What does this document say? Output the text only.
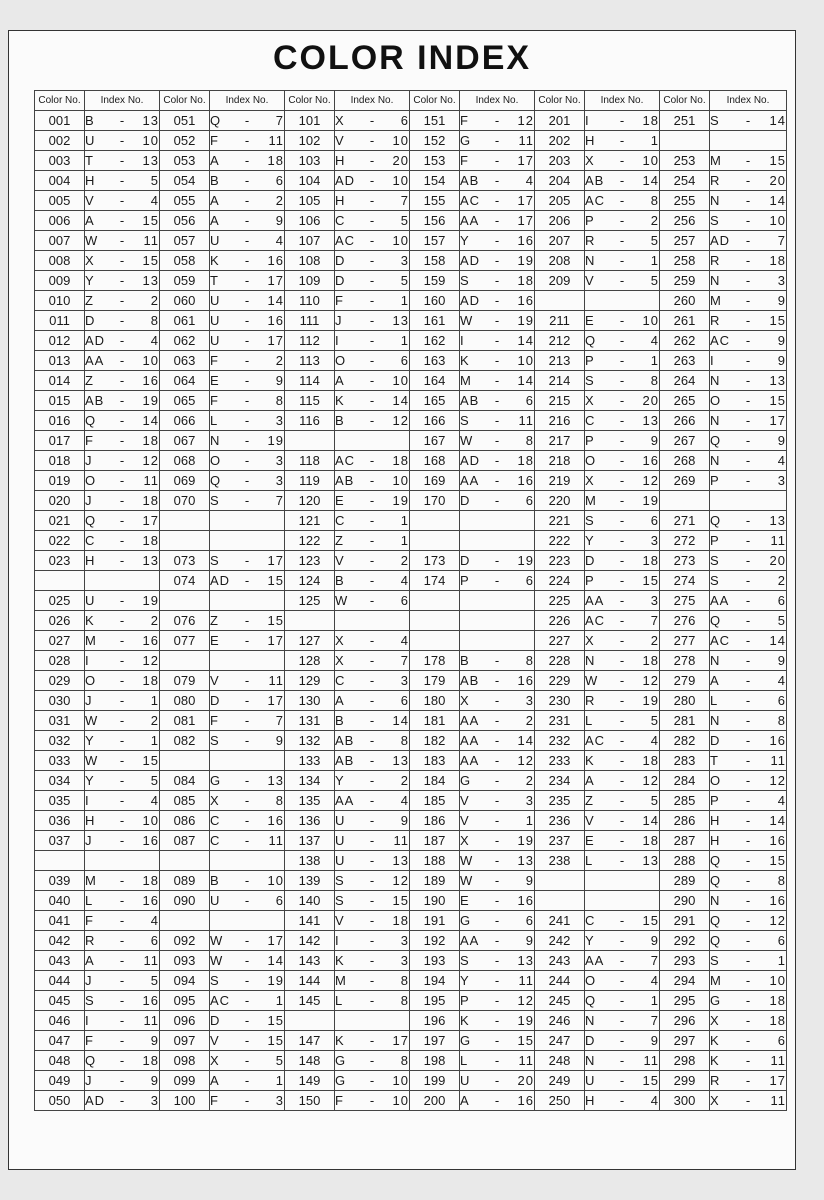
COLOR INDEX
Color No.	Index No.	Color No.	Index No.	Color No.	Index No.	Color No.	Index No.	Color No.	Index No.	Color No.	Index No.
001	B - 13	051	Q - 7	101	X - 6	151	F - 12	201	I - 18	251	S - 14

002	U - 10	052	F - 11	102	V - 10	152	G - 11	202	H - 1		

003	T - 13	053	A - 18	103	H - 20	153	F - 17	203	X - 10	253	M - 15

004	H - 5	054	B - 6	104	AD - 10	154	AB - 4	204	AB - 14	254	R - 20

005	V - 4	055	A - 2	105	H - 7	155	AC - 17	205	AC - 8	255	N - 14

006	A - 15	056	A - 9	106	C - 5	156	AA - 17	206	P - 2	256	S - 10

007	W - 11	057	U - 4	107	AC - 10	157	Y - 16	207	R - 5	257	AD - 7

008	X - 15	058	K - 16	108	D - 3	158	AD - 19	208	N - 1	258	R - 18

009	Y - 13	059	T - 17	109	D - 5	159	S - 18	209	V - 5	259	N - 3

010	Z - 2	060	U - 14	110	F - 1	160	AD - 16			260	M - 9

011	D - 8	061	U - 16	111	J - 13	161	W - 19	211	E - 10	261	R - 15

012	AD - 4	062	U - 17	112	I - 1	162	I - 14	212	Q - 4	262	AC - 9

013	AA - 10	063	F - 2	113	O - 6	163	K - 10	213	P - 1	263	I - 9

014	Z - 16	064	E - 9	114	A - 10	164	M - 14	214	S - 8	264	N - 13

015	AB - 19	065	F - 8	115	K - 14	165	AB - 6	215	X - 20	265	O - 15

016	Q - 14	066	L - 3	116	B - 12	166	S - 11	216	C - 13	266	N - 17

017	F - 18	067	N - 19			167	W - 8	217	P - 9	267	Q - 9

018	J - 12	068	O - 3	118	AC - 18	168	AD - 18	218	O - 16	268	N - 4

019	O - 11	069	Q - 3	119	AB - 10	169	AA - 16	219	X - 12	269	P - 3

020	J - 18	070	S - 7	120	E - 19	170	D - 6	220	M - 19		

021	Q - 17			121	C - 1			221	S - 6	271	Q - 13

022	C - 18			122	Z - 1			222	Y - 3	272	P - 11

023	H - 13	073	S - 17	123	V - 2	173	D - 19	223	D - 18	273	S - 20

		074	AD - 15	124	B - 4	174	P - 6	224	P - 15	274	S - 2

025	U - 19			125	W - 6			225	AA - 3	275	AA - 6

026	K - 2	076	Z - 15					226	AC - 7	276	Q - 5

027	M - 16	077	E - 17	127	X - 4			227	X - 2	277	AC - 14

028	I - 12			128	X - 7	178	B - 8	228	N - 18	278	N - 9

029	O - 18	079	V - 11	129	C - 3	179	AB - 16	229	W - 12	279	A - 4

030	J - 1	080	D - 17	130	A - 6	180	X - 3	230	R - 19	280	L - 6

031	W - 2	081	F - 7	131	B - 14	181	AA - 2	231	L - 5	281	N - 8

032	Y - 1	082	S - 9	132	AB - 8	182	AA - 14	232	AC - 4	282	D - 16

033	W - 15			133	AB - 13	183	AA - 12	233	K - 18	283	T - 11

034	Y - 5	084	G - 13	134	Y - 2	184	G - 2	234	A - 12	284	O - 12

035	I - 4	085	X - 8	135	AA - 4	185	V - 3	235	Z - 5	285	P - 4

036	H - 10	086	C - 16	136	U - 9	186	V - 1	236	V - 14	286	H - 14

037	J - 16	087	C - 11	137	U - 11	187	X - 19	237	E - 18	287	H - 16

				138	U - 13	188	W - 13	238	L - 13	288	Q - 15

039	M - 18	089	B - 10	139	S - 12	189	W - 9			289	Q - 8

040	L - 16	090	U - 6	140	S - 15	190	E - 16			290	N - 16

041	F - 4			141	V - 18	191	G - 6	241	C - 15	291	Q - 12

042	R - 6	092	W - 17	142	I - 3	192	AA - 9	242	Y - 9	292	Q - 6

043	A - 11	093	W - 14	143	K - 3	193	S - 13	243	AA - 7	293	S - 1

044	J - 5	094	S - 19	144	M - 8	194	Y - 11	244	O - 4	294	M - 10

045	S - 16	095	AC - 1	145	L - 8	195	P - 12	245	Q - 1	295	G - 18

046	I - 11	096	D - 15			196	K - 19	246	N - 7	296	X - 18

047	F - 9	097	V - 15	147	K - 17	197	G - 15	247	D - 9	297	K - 6

048	Q - 18	098	X - 5	148	G - 8	198	L - 11	248	N - 11	298	K - 11

049	J - 9	099	A - 1	149	G - 10	199	U - 20	249	U - 15	299	R - 17

050	AD - 3	100	F - 3	150	F - 10	200	A - 16	250	H - 4	300	X - 11
